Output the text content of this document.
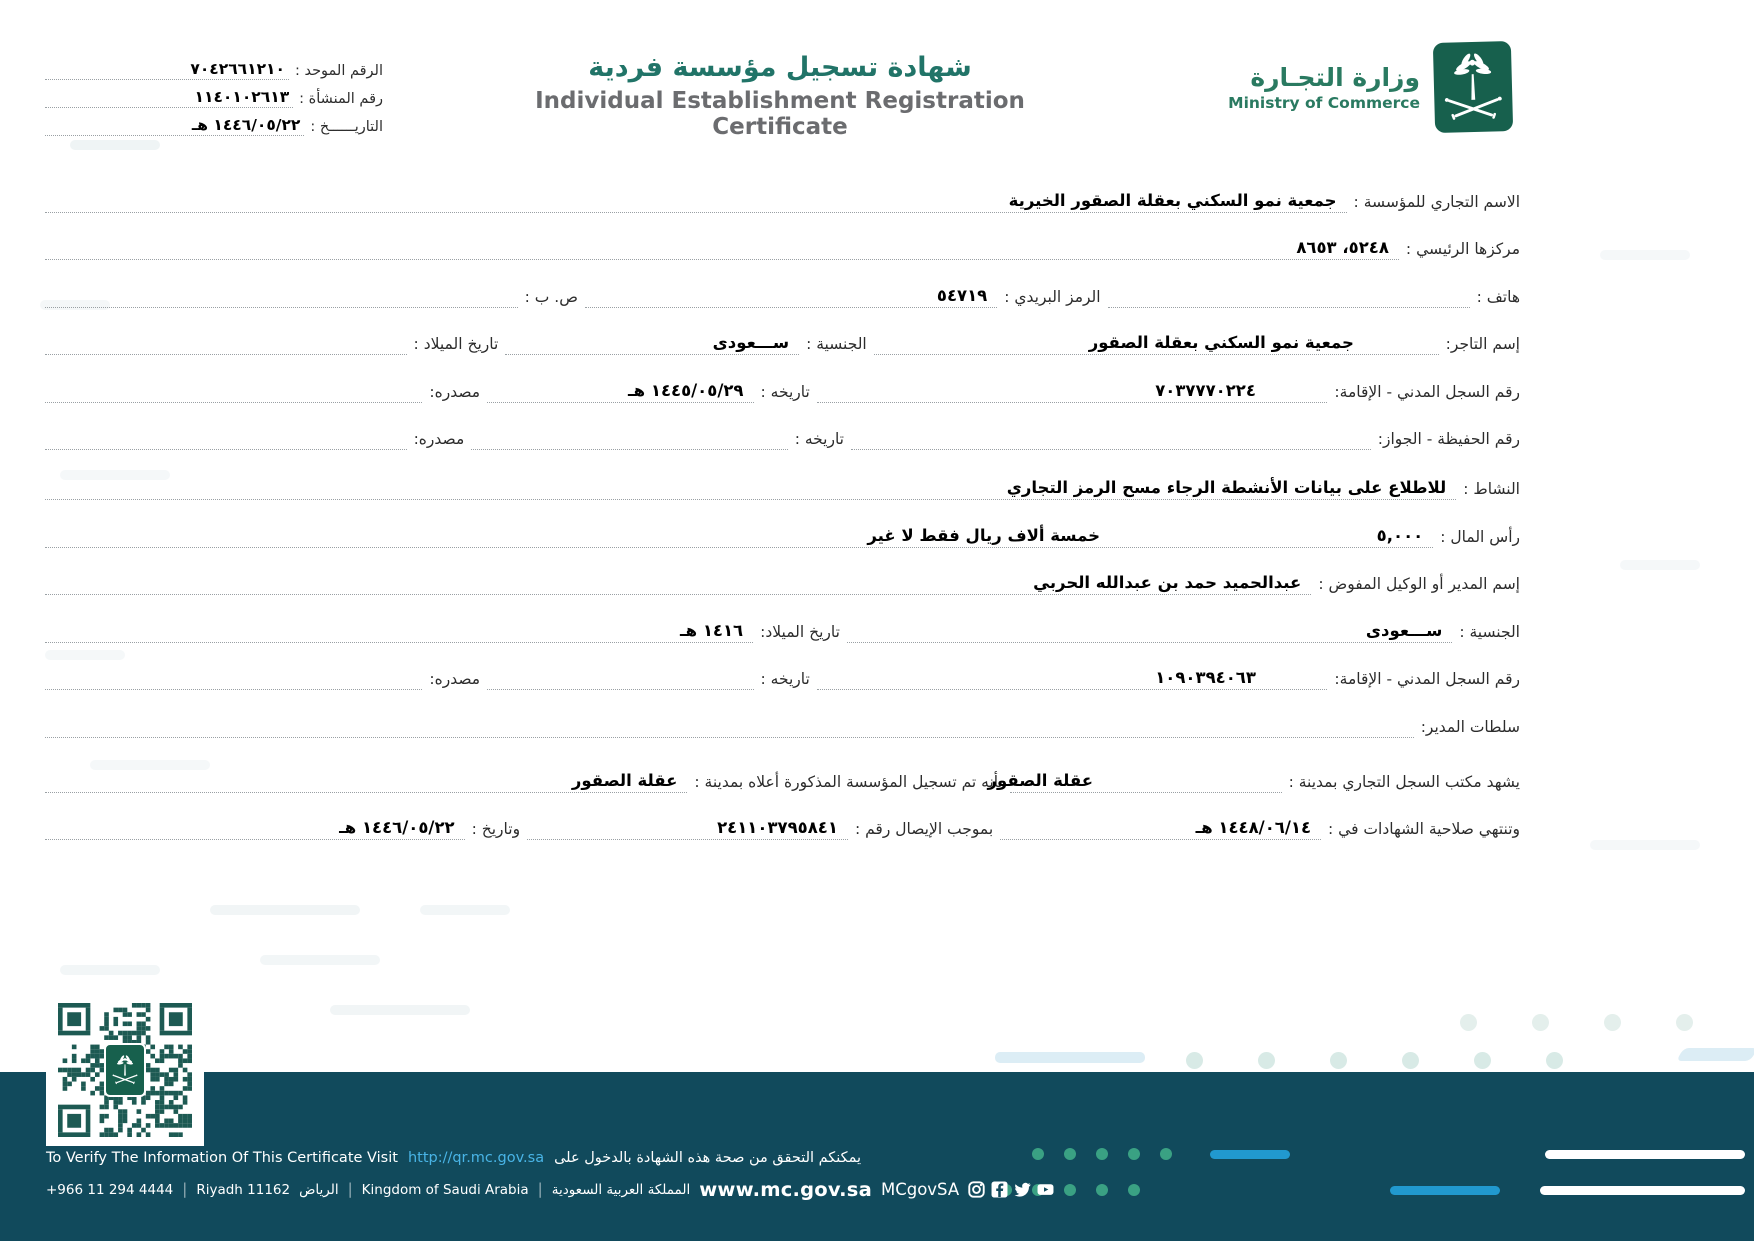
الرقم الموحد :
٧٠٤٢٦٦١٢١٠
رقم المنشأة :
١١٤٠١٠٢٦١٣
التاريــــــخ :
١٤٤٦/٠٥/٢٢ هـ
شهادة تسجيل مؤسسة فردية
Individual Establishment Registration Certificate
وزارة التجـارة
Ministry of Commerce
الاسم التجاري للمؤسسة :
جمعية نمو السكني بعقلة الصقور الخيرية
مركزها الرئيسي :
٥٢٤٨، ٨٦٥٣
هاتف :
الرمز البريدي :
٥٤٧١٩
ص. ب :
إسم التاجر:
جمعية نمو السكني بعقلة الصقور
الجنسية :
ســـعودى
تاريخ الميلاد :
رقم السجل المدني - الإقامة:
٧٠٣٧٧٧٠٢٢٤
تاريخه :
١٤٤٥/٠٥/٢٩ هـ
مصدره:
رقم الحفيظة - الجواز:
تاريخه :
مصدره:
النشاط :
للاطلاع على بيانات الأنشطة الرجاء مسح الرمز التجاري
رأس المال :
٥,٠٠٠
خمسة ألاف ريال فقط لا غير
إسم المدير أو الوكيل المفوض :
عبدالحميد حمد بن عبدالله الحربي
الجنسية :
ســـعودى
تاريخ الميلاد:
١٤١٦ هـ
رقم السجل المدني - الإقامة:
١٠٩٠٣٩٤٠٦٣
تاريخه :
مصدره:
سلطات المدير:
يشهد مكتب السجل التجاري بمدينة :
عقلة الصقور
بأنه تم تسجيل المؤسسة المذكورة أعلاه بمدينة :
عقلة الصقور
وتنتهي صلاحية الشهادات في :
١٤٤٨/٠٦/١٤ هـ
بموجب الإيصال رقم :
٢٤١١٠٣٧٩٥٨٤١
وتاريخ :
١٤٤٦/٠٥/٢٢ هـ
To Verify The Information Of This Certificate Visit http://qr.mc.gov.sa يمكنكم التحقق من صحة هذه الشهادة بالدخول على
+966 11 294 4444 | Riyadh 11162 الرياض | Kingdom of Saudi Arabia | المملكة العربية السعودية www.mc.gov.sa MCgovSA
